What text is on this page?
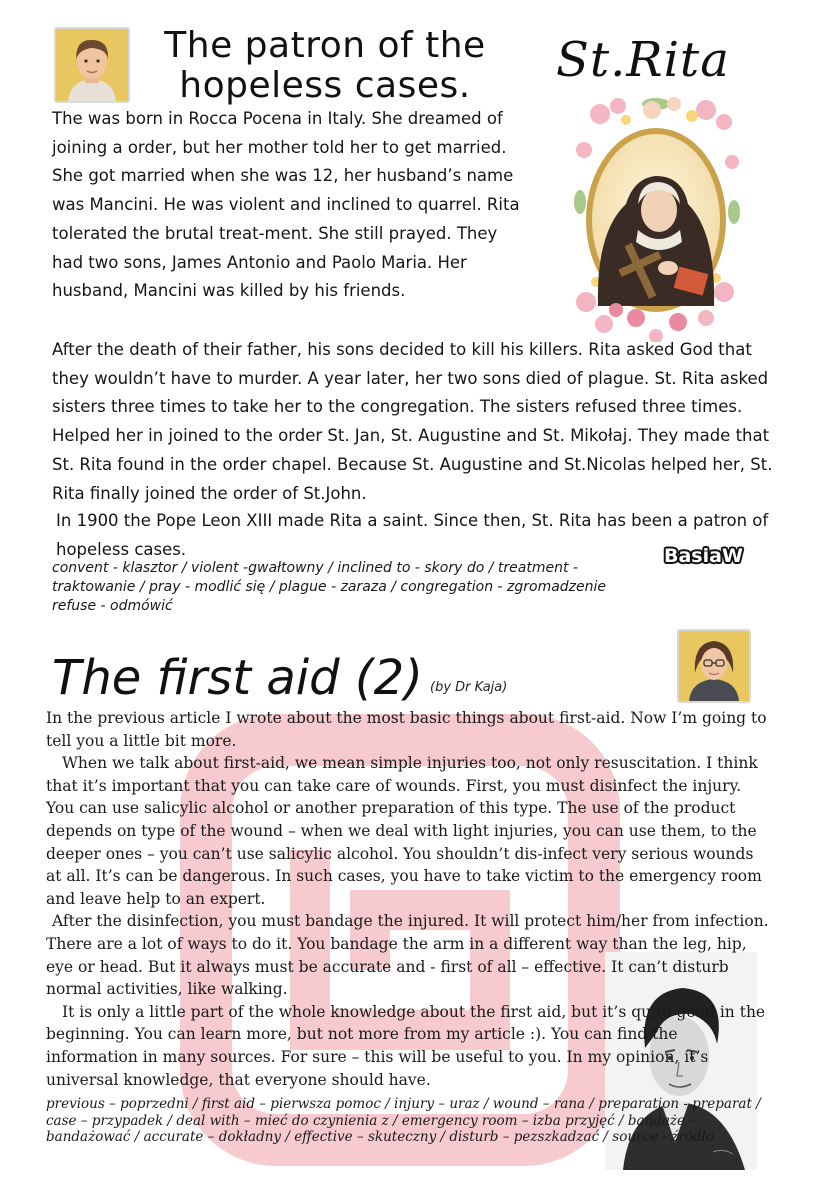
The patron of the hopeless cases.	St.Rita
The was born in Rocca Pocena in Italy. She dreamed of joining a order, but her mother told her to get married. She got married when she was 12, her husband’s name was Mancini. He was violent and inclined to quarrel. Rita tolerated the brutal treat-ment. She still prayed. They had two sons, James Antonio and Paolo Maria. Her husband, Mancini was killed by his friends.
After the death of their father, his sons decided to kill his killers. Rita asked God that they wouldn’t have to murder. A year later, her two sons died of plague. St. Rita asked sisters three times to take her to the congregation. The sisters refused three times. Helped her in joined to the order St. Jan, St. Augustine and St. Mikołaj. They made that St. Rita found in the order chapel. Because St. Augustine and St.Nicolas helped her, St. Rita finally joined the order of St.John.
In 1900 the Pope Leon XIII made Rita a saint. Since then, St. Rita has been a patron of hopeless cases.
convent - klasztor / violent -gwałtowny / inclined to - skory do / treatment - traktowanie / pray - modlić się / plague - zaraza / congregation - zgromadzenie refuse - odmówić
BasiaW
The first aid (2) (by Dr Kaja)

In the previous article I wrote about the most basic things about first-aid. Now I’m going to tell you a little bit more.

When we talk about first-aid, we mean simple injuries too, not only resuscitation. I think that it’s important that you can take care of wounds. First, you must disinfect the injury. You can use salicylic alcohol or another preparation of this type. The use of the product depends on type of the wound – when we deal with light injuries, you can use them, to the deeper ones – you can’t use salicylic alcohol. You shouldn’t dis-infect very serious wounds at all. It’s can be dangerous. In such cases, you have to take victim to the emergency room and leave help to an expert.

After the disinfection, you must bandage the injured. It will protect him/her from infection. There are a lot of ways to do it. You bandage the arm in a different way than the leg, hip, eye or head. But it always must be accurate and - first of all – effective. It can’t disturb normal activities, like walking.

It is only a little part of the whole knowledge about the first aid, but it’s quite good in the beginning. You can learn more, but not more from my article :). You can find the information in many sources. For sure – this will be useful to you. In my opinion, it’s universal knowledge, that everyone should have.

previous – poprzedni / first aid – pierwsza pomoc / injury – uraz / wound – rana / preparation - preparat / case – przypadek / deal with – mieć do czynienia z / emergency room – izba przyjęć / bandaże – bandażować / accurate – dokładny / effective – skuteczny / disturb – pezszkadzać / source - źródło
